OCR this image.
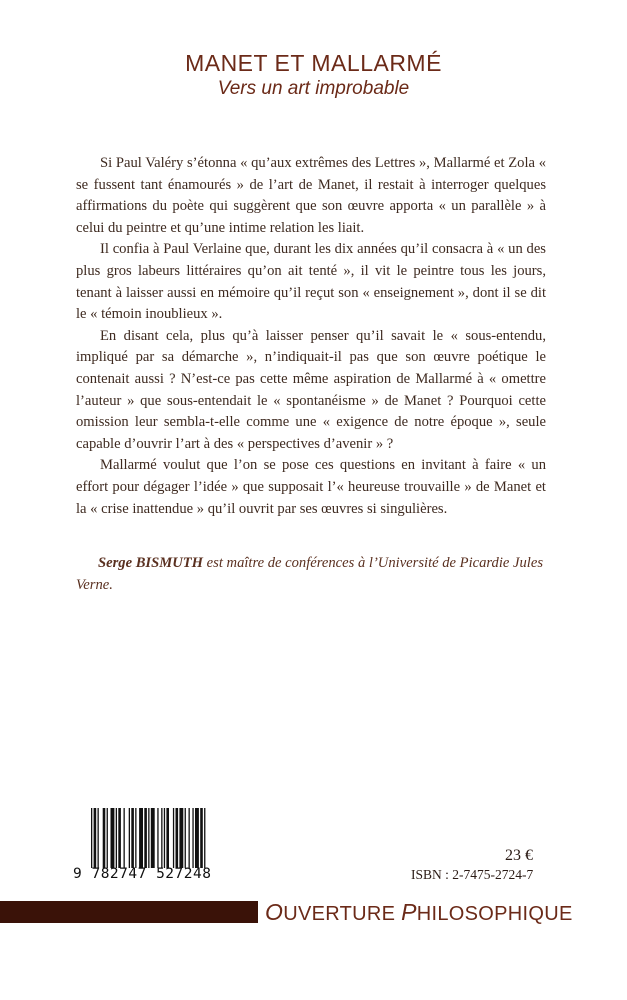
MANET ET MALLARMÉ
Vers un art improbable

Si Paul Valéry s’étonna « qu’aux extrêmes des Lettres », Mallarmé et Zola « se fussent tant énamourés » de l’art de Manet, il restait à interroger quelques affirmations du poète qui suggèrent que son œuvre apporta « un parallèle » à celui du peintre et qu’une intime relation les liait.

Il confia à Paul Verlaine que, durant les dix années qu’il consacra à « un des plus gros labeurs littéraires qu’on ait tenté », il vit le peintre tous les jours, tenant à laisser aussi en mémoire qu’il reçut son « enseignement », dont il se dit le « témoin inoublieux ».

En disant cela, plus qu’à laisser penser qu’il savait le « sous-entendu, impliqué par sa démarche », n’indiquait-il pas que son œuvre poétique le contenait aussi ? N’est-ce pas cette même aspiration de Mallarmé à « omettre l’auteur » que sous-entendait le « spontanéisme » de Manet ? Pourquoi cette omission leur sembla-t-elle comme une « exigence de notre époque », seule capable d’ouvrir l’art à des « perspectives d’avenir » ?

Mallarmé voulut que l’on se pose ces questions en invitant à faire « un effort pour dégager l’idée » que supposait l’« heureuse trouvaille » de Manet et la « crise inattendue » qu’il ouvrit par ses œuvres si singulières.

Serge BISMUTH est maître de conférences à l’Université de Picardie Jules Verne.
9 782747 527248
23 €
ISBN : 2-7475-2724-7
OUVERTURE PHILOSOPHIQUE
